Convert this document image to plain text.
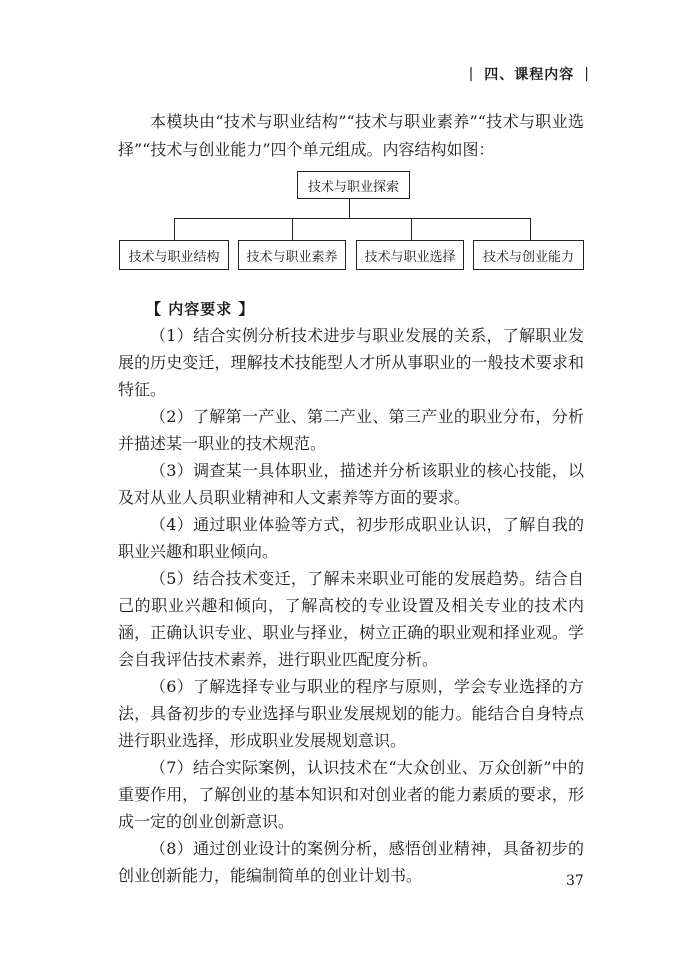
| 四、课程内容 |

本模块由“技术与职业结构”“技术与职业素养”“技术与职业选择”“技术与创业能力”四个单元组成。内容结构如图：

技术与职业探索
技术与职业结构	技术与职业素养	技术与职业选择	技术与创业能力
【 内容要求 】

（1）结合实例分析技术进步与职业发展的关系，了解职业发展的历史变迁，理解技术技能型人才所从事职业的一般技术要求和特征。

（2）了解第一产业、第二产业、第三产业的职业分布，分析并描述某一职业的技术规范。

（3）调查某一具体职业，描述并分析该职业的核心技能，以及对从业人员职业精神和人文素养等方面的要求。

（4）通过职业体验等方式，初步形成职业认识，了解自我的职业兴趣和职业倾向。

（5）结合技术变迁，了解未来职业可能的发展趋势。结合自己的职业兴趣和倾向，了解高校的专业设置及相关专业的技术内涵，正确认识专业、职业与择业，树立正确的职业观和择业观。学会自我评估技术素养，进行职业匹配度分析。

（6）了解选择专业与职业的程序与原则，学会专业选择的方法，具备初步的专业选择与职业发展规划的能力。能结合自身特点进行职业选择，形成职业发展规划意识。

（7）结合实际案例，认识技术在“大众创业、万众创新”中的重要作用，了解创业的基本知识和对创业者的能力素质的要求，形成一定的创业创新意识。

（8）通过创业设计的案例分析，感悟创业精神，具备初步的创业创新能力，能编制简单的创业计划书。	37
